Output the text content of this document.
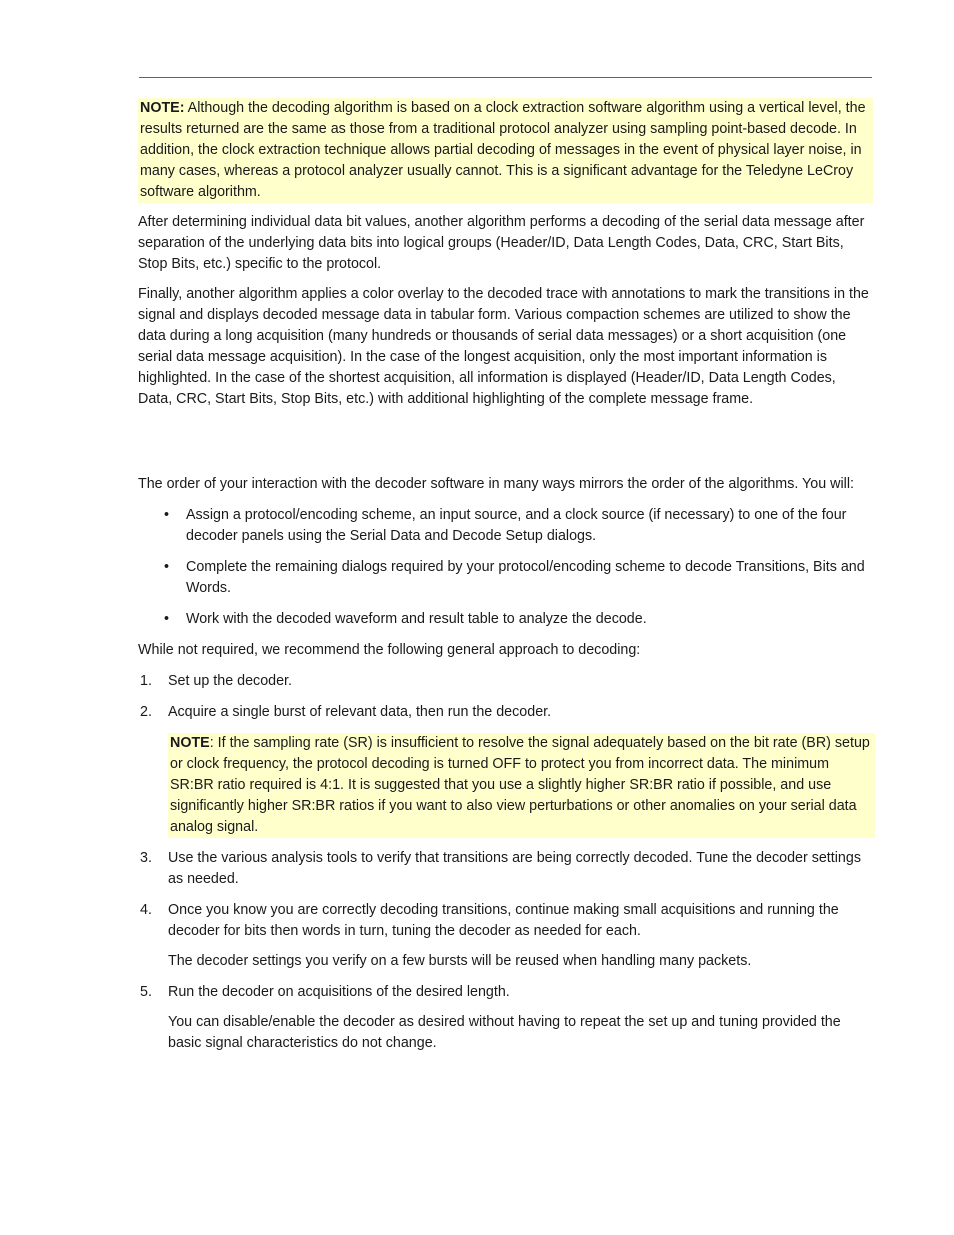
NOTE: Although the decoding algorithm is based on a clock extraction software algorithm using a vertical level, the results returned are the same as those from a traditional protocol analyzer using sampling point-based decode. In addition, the clock extraction technique allows partial decoding of messages in the event of physical layer noise, in many cases, whereas a protocol analyzer usually cannot. This is a significant advantage for the Teledyne LeCroy software algorithm.

After determining individual data bit values, another algorithm performs a decoding of the serial data message after separation of the underlying data bits into logical groups (Header/ID, Data Length Codes, Data, CRC, Start Bits, Stop Bits, etc.) specific to the protocol.

Finally, another algorithm applies a color overlay to the decoded trace with annotations to mark the transitions in the signal and displays decoded message data in tabular form. Various compaction schemes are utilized to show the data during a long acquisition (many hundreds or thousands of serial data messages) or a short acquisition (one serial data message acquisition). In the case of the longest acquisition, only the most important information is highlighted. In the case of the shortest acquisition, all information is displayed (Header/ID, Data Length Codes, Data, CRC, Start Bits, Stop Bits, etc.) with additional highlighting of the complete message frame.

The order of your interaction with the decoder software in many ways mirrors the order of the algorithms. You will:

• Assign a protocol/encoding scheme, an input source, and a clock source (if necessary) to one of the four decoder panels using the Serial Data and Decode Setup dialogs.
• Complete the remaining dialogs required by your protocol/encoding scheme to decode Transitions, Bits and Words.
• Work with the decoded waveform and result table to analyze the decode.

While not required, we recommend the following general approach to decoding:

1. Set up the decoder.
2. Acquire a single burst of relevant data, then run the decoder.

NOTE: If the sampling rate (SR) is insufficient to resolve the signal adequately based on the bit rate (BR) setup or clock frequency, the protocol decoding is turned OFF to protect you from incorrect data. The minimum SR:BR ratio required is 4:1. It is suggested that you use a slightly higher SR:BR ratio if possible, and use significantly higher SR:BR ratios if you want to also view perturbations or other anomalies on your serial data analog signal.

3. Use the various analysis tools to verify that transitions are being correctly decoded. Tune the decoder settings as needed.
4. Once you know you are correctly decoding transitions, continue making small acquisitions and running the decoder for bits then words in turn, tuning the decoder as needed for each.

The decoder settings you verify on a few bursts will be reused when handling many packets.

5. Run the decoder on acquisitions of the desired length.

You can disable/enable the decoder as desired without having to repeat the set up and tuning provided the basic signal characteristics do not change.
